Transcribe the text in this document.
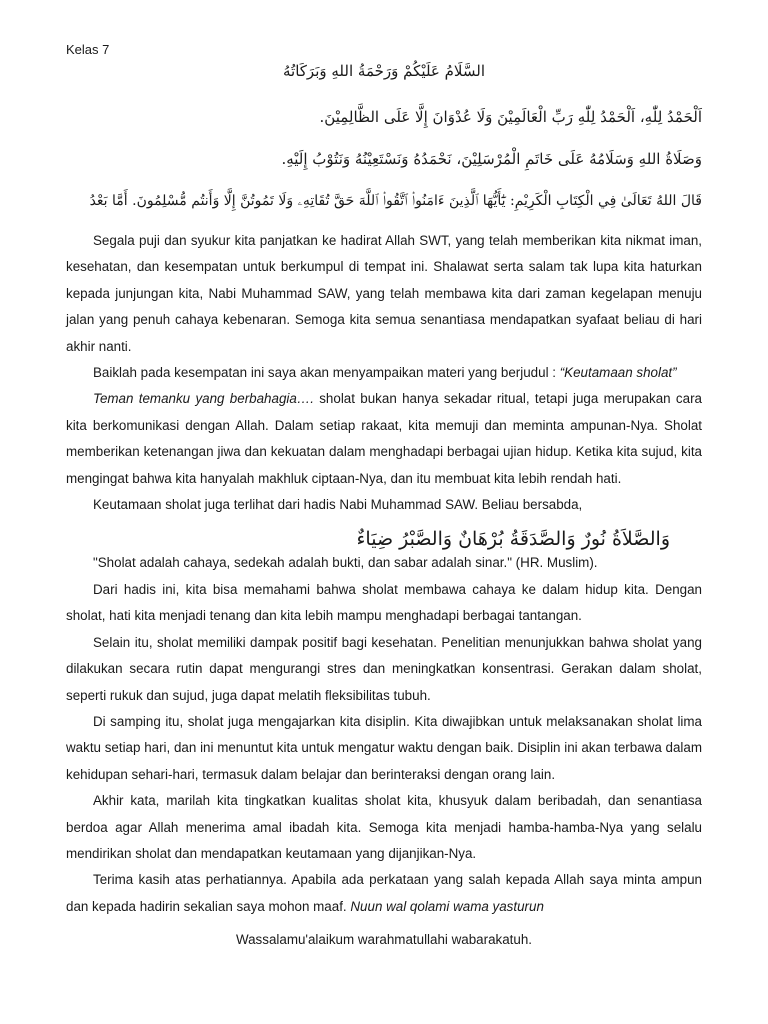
Kelas 7
السَّلَامُ عَلَيْكُمْ وَرَحْمَةُ اللهِ وَبَرَكَاتُهُ
اَلْحَمْدُ لِلّٰهِ، اَلْحَمْدُ لِلّٰهِ رَبِّ الْعَالَمِيْنَ وَلَا عُدْوَانَ إِلَّا عَلَى الظَّالِمِيْنَ.
وَصَلَاةُ اللهِ وَسَلَامُهُ عَلَى خَاتَمِ الْمُرْسَلِيْنَ، نَحْمَدُهُ وَنَسْتَعِيْنُهُ وَنَتُوْبُ إِلَيْهِ.
قَالَ اللهُ تَعَالَىٰ فِي الْكِتَابِ الْكَرِيْمِ: يَٰٓأَيُّهَا ٱلَّذِينَ ءَامَنُوا۟ ٱتَّقُوا۟ ٱللَّهَ حَقَّ تُقَاتِهِۦ وَلَا تَمُوتُنَّ إِلَّا وَأَنتُم مُّسْلِمُونَ. أَمَّا بَعْدُ

Segala puji dan syukur kita panjatkan ke hadirat Allah SWT, yang telah memberikan kita nikmat iman, kesehatan, dan kesempatan untuk berkumpul di tempat ini. Shalawat serta salam tak lupa kita haturkan kepada junjungan kita, Nabi Muhammad SAW, yang telah membawa kita dari zaman kegelapan menuju jalan yang penuh cahaya kebenaran. Semoga kita semua senantiasa mendapatkan syafaat beliau di hari akhir nanti.

Baiklah pada kesempatan ini saya akan menyampaikan materi yang berjudul : “Keutamaan sholat”

Teman temanku yang berbahagia…. sholat bukan hanya sekadar ritual, tetapi juga merupakan cara kita berkomunikasi dengan Allah. Dalam setiap rakaat, kita memuji dan meminta ampunan-Nya. Sholat memberikan ketenangan jiwa dan kekuatan dalam menghadapi berbagai ujian hidup. Ketika kita sujud, kita mengingat bahwa kita hanyalah makhluk ciptaan-Nya, dan itu membuat kita lebih rendah hati.

Keutamaan sholat juga terlihat dari hadis Nabi Muhammad SAW. Beliau bersabda,

"Sholat adalah cahaya, sedekah adalah bukti, dan sabar adalah sinar." (HR. Muslim).

Dari hadis ini, kita bisa memahami bahwa sholat membawa cahaya ke dalam hidup kita. Dengan sholat, hati kita menjadi tenang dan kita lebih mampu menghadapi berbagai tantangan.

Selain itu, sholat memiliki dampak positif bagi kesehatan. Penelitian menunjukkan bahwa sholat yang dilakukan secara rutin dapat mengurangi stres dan meningkatkan konsentrasi. Gerakan dalam sholat, seperti rukuk dan sujud, juga dapat melatih fleksibilitas tubuh.

Di samping itu, sholat juga mengajarkan kita disiplin. Kita diwajibkan untuk melaksanakan sholat lima waktu setiap hari, dan ini menuntut kita untuk mengatur waktu dengan baik. Disiplin ini akan terbawa dalam kehidupan sehari-hari, termasuk dalam belajar dan berinteraksi dengan orang lain.

Akhir kata, marilah kita tingkatkan kualitas sholat kita, khusyuk dalam beribadah, dan senantiasa berdoa agar Allah menerima amal ibadah kita. Semoga kita menjadi hamba-hamba-Nya yang selalu mendirikan sholat dan mendapatkan keutamaan yang dijanjikan-Nya.

Terima kasih atas perhatiannya. Apabila ada perkataan yang salah kepada Allah saya minta ampun dan kepada hadirin sekalian saya mohon maaf. Nuun wal qolami wama yasturun

وَالصَّلاَةُ نُورٌ وَالصَّدَقَةُ بُرْهَانٌ وَالصَّبْرُ ضِيَاءٌ
Wassalamu'alaikum warahmatullahi wabarakatuh.
